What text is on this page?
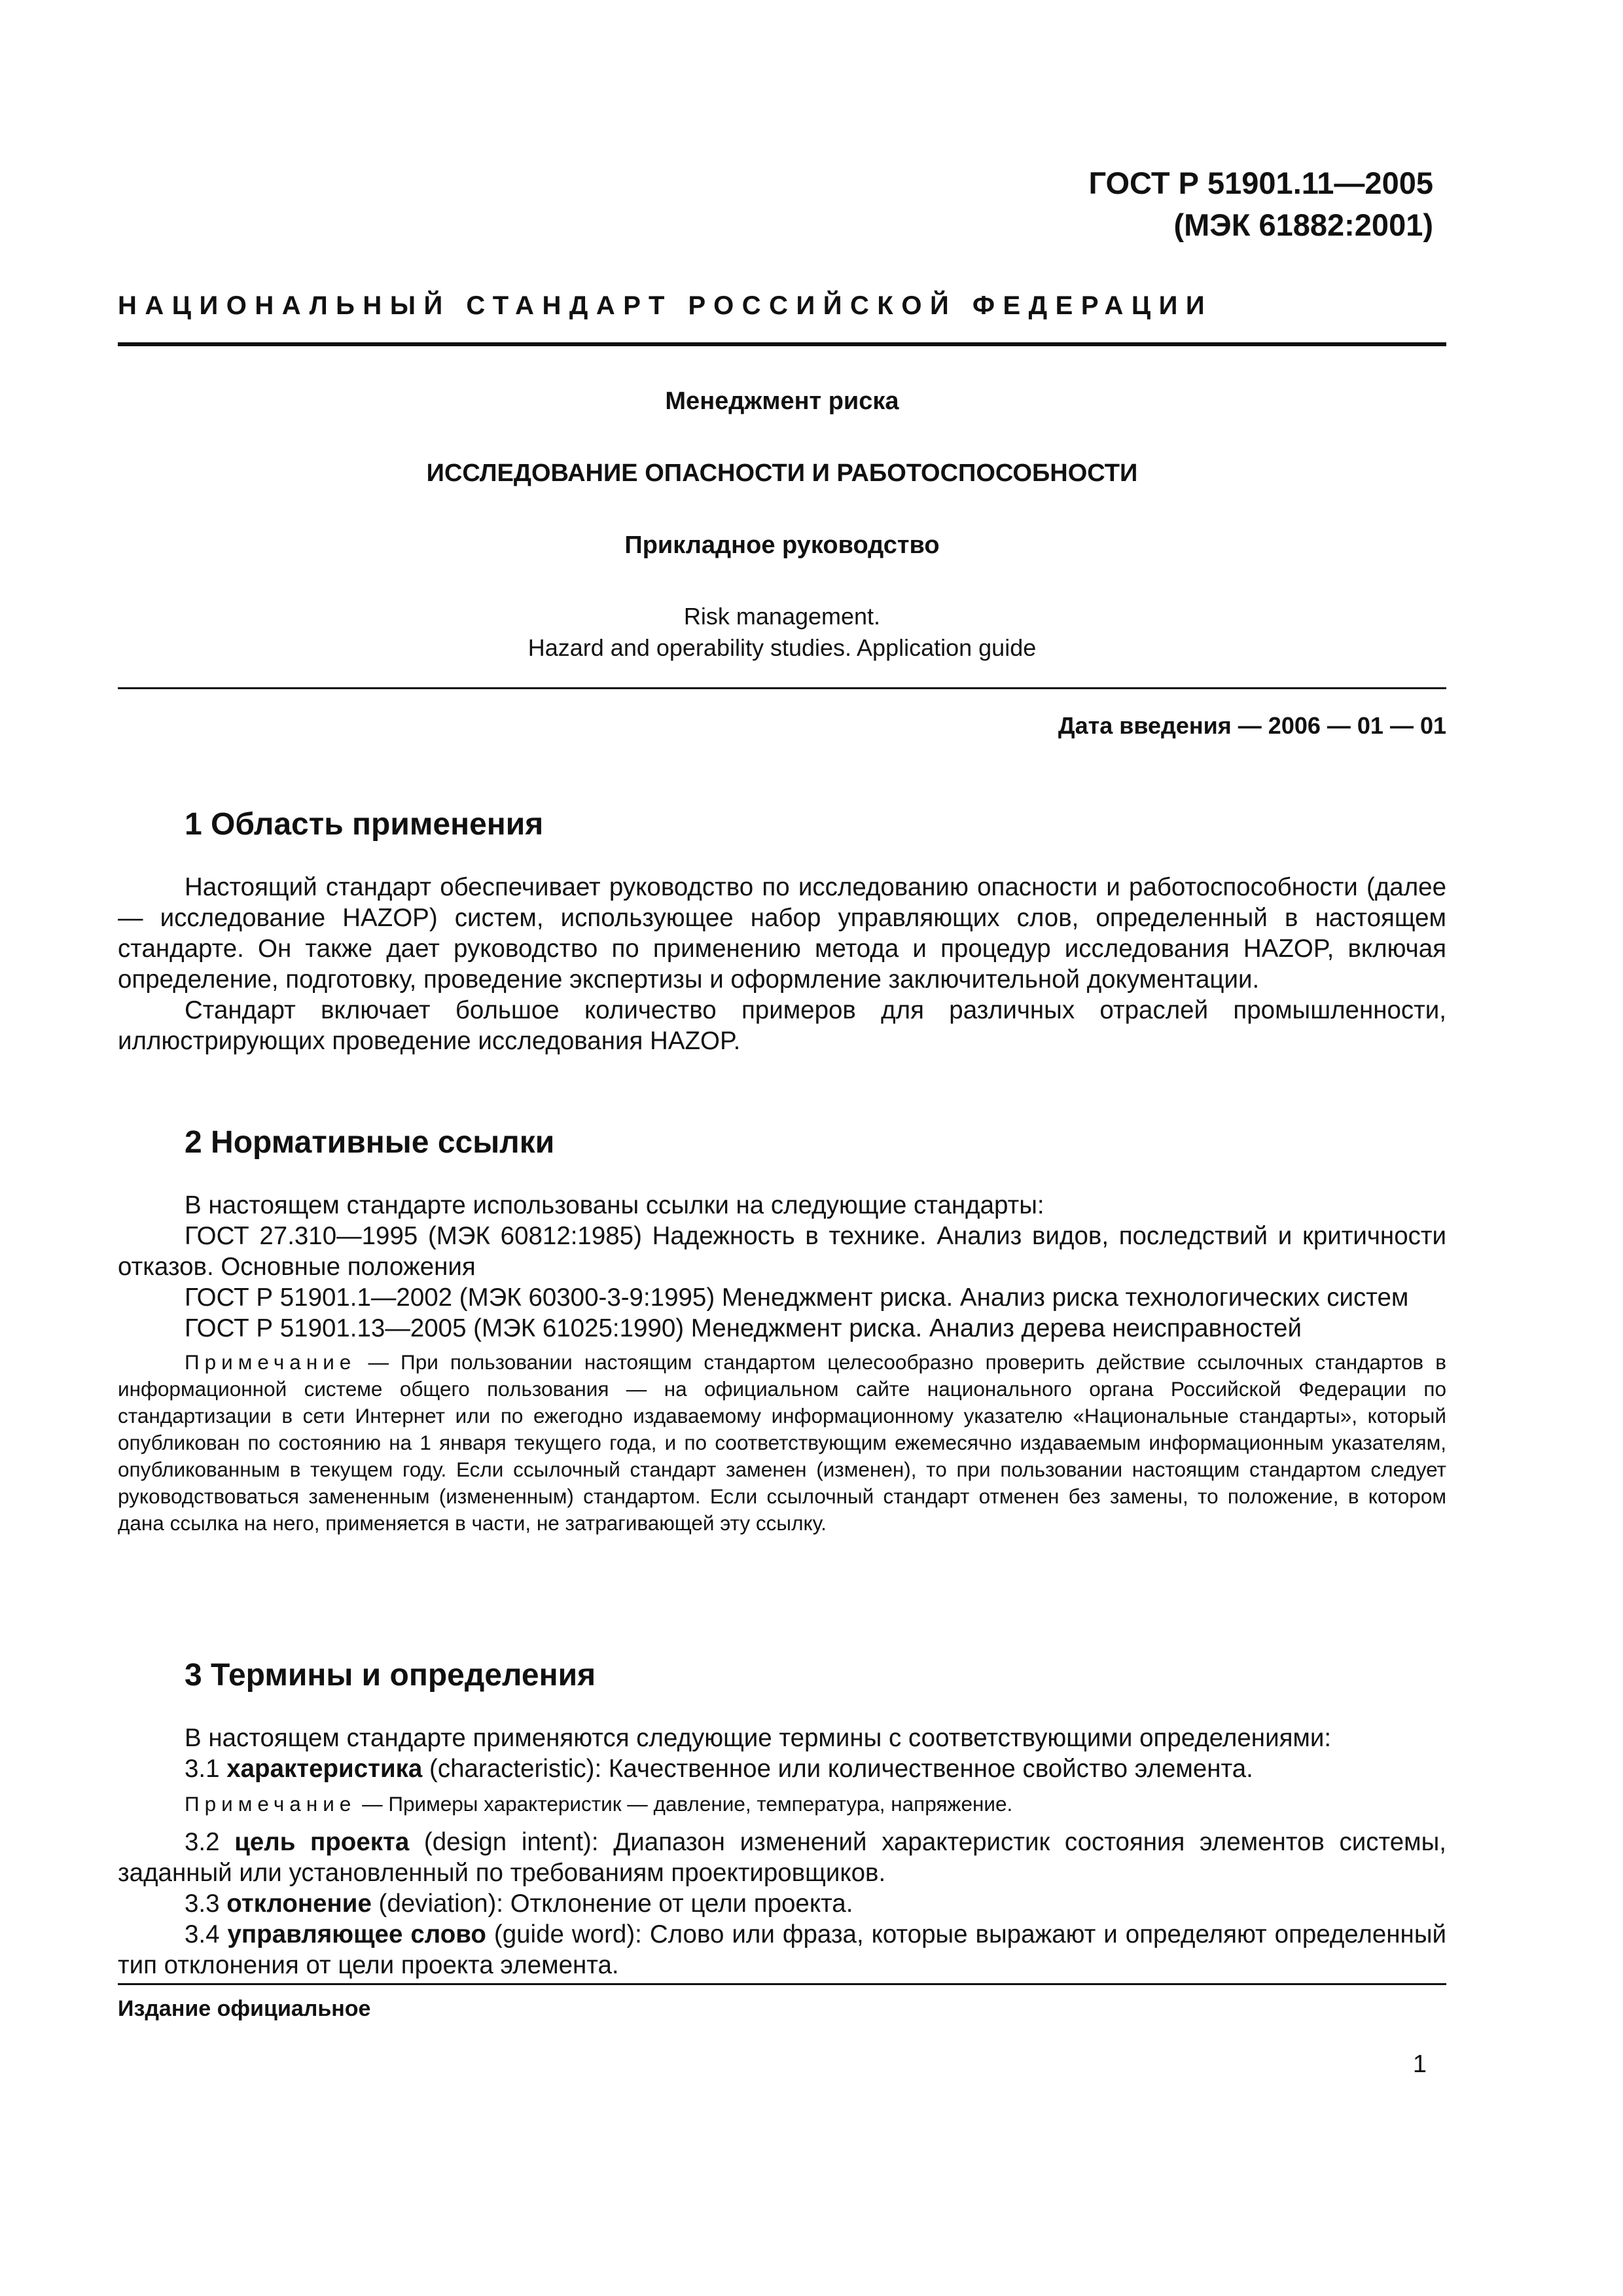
ГОСТ Р 51901.11—2005
(МЭК 61882:2001)
НАЦИОНАЛЬНЫЙ СТАНДАРТ РОССИЙСКОЙ ФЕДЕРАЦИИ
Менеджмент риска
ИССЛЕДОВАНИЕ ОПАСНОСТИ И РАБОТОСПОСОБНОСТИ
Прикладное руководство
Risk management.
Hazard and operability studies. Application guide
Дата введения — 2006 — 01 — 01
1 Область применения

Настоящий стандарт обеспечивает руководство по исследованию опасности и работоспособности (далее — исследование HAZOP) систем, использующее набор управляющих слов, определенный в настоящем стандарте. Он также дает руководство по применению метода и процедур исследования HAZOP, включая определение, подготовку, проведение экспертизы и оформление заключительной документации.

Стандарт включает большое количество примеров для различных отраслей промышленности, иллюстрирующих проведение исследования HAZOP.

2 Нормативные ссылки

В настоящем стандарте использованы ссылки на следующие стандарты:

ГОСТ 27.310—1995 (МЭК 60812:1985) Надежность в технике. Анализ видов, последствий и критичности отказов. Основные положения

ГОСТ Р 51901.1—2002 (МЭК 60300-3-9:1995) Менеджмент риска. Анализ риска технологических систем

ГОСТ Р 51901.13—2005 (МЭК 61025:1990) Менеджмент риска. Анализ дерева неисправностей

Примечание — При пользовании настоящим стандартом целесообразно проверить действие ссылочных стандартов в информационной системе общего пользования — на официальном сайте национального органа Российской Федерации по стандартизации в сети Интернет или по ежегодно издаваемому информационному указателю «Национальные стандарты», который опубликован по состоянию на 1 января текущего года, и по соответствующим ежемесячно издаваемым информационным указателям, опубликованным в текущем году. Если ссылочный стандарт заменен (изменен), то при пользовании настоящим стандартом следует руководствоваться замененным (измененным) стандартом. Если ссылочный стандарт отменен без замены, то положение, в котором дана ссылка на него, применяется в части, не затрагивающей эту ссылку.

3 Термины и определения

В настоящем стандарте применяются следующие термины с соответствующими определениями:

3.1 характеристика (characteristic): Качественное или количественное свойство элемента.

Примечание — Примеры характеристик — давление, температура, напряжение.

3.2 цель проекта (design intent): Диапазон изменений характеристик состояния элементов системы, заданный или установленный по требованиям проектировщиков.

3.3 отклонение (deviation): Отклонение от цели проекта.

3.4 управляющее слово (guide word): Слово или фраза, которые выражают и определяют определенный тип отклонения от цели проекта элемента.

Издание официальное
1
